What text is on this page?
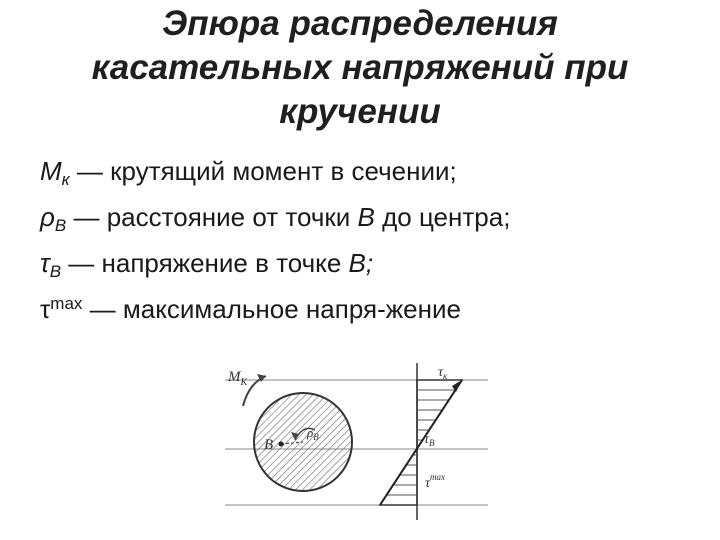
Эпюра распределения
касательных напряжений при
кручении
Mк — крутящий момент в сечении;
ρB — расстояние от точки B до центра;
τB — напряжение в точке B;
$\tau^{max}$ — максимальное напря-жение
$M_K$
B
$\rho_B$
$\tau_к$
$\tau_B$
$\tau^{max}$
